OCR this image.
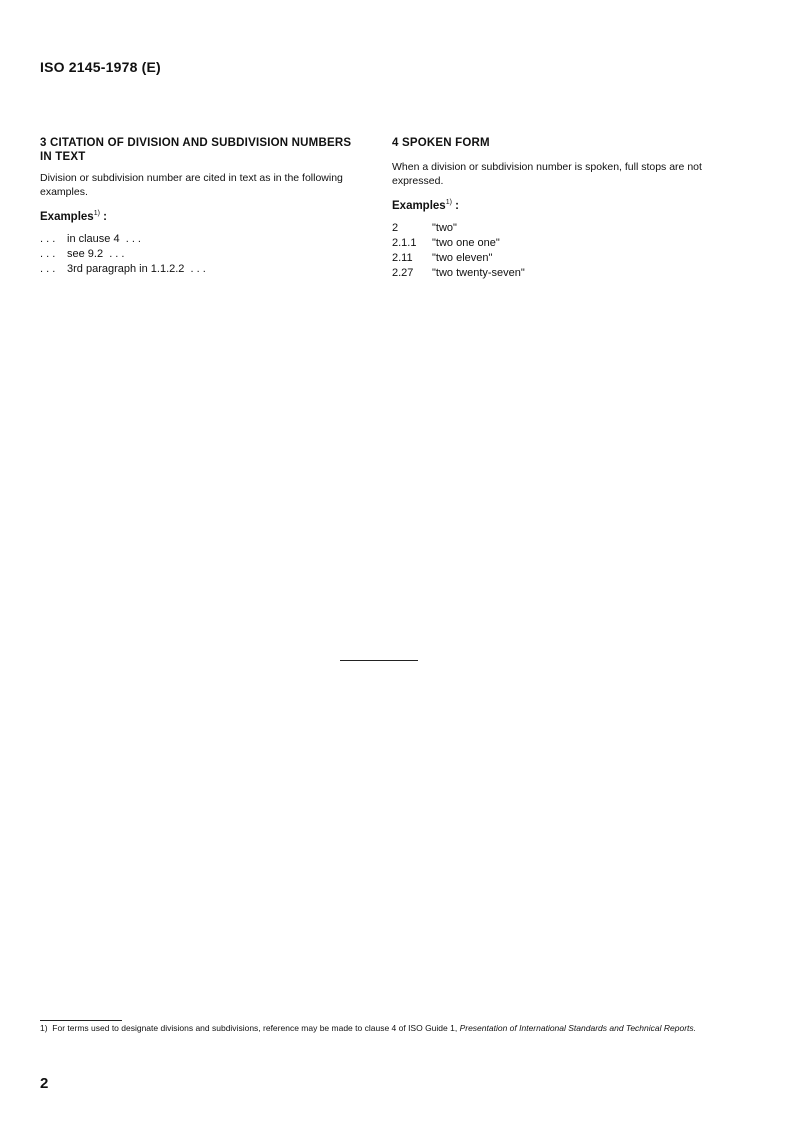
ISO 2145-1978 (E)
3 CITATION OF DIVISION AND SUBDIVISION NUMBERS IN TEXT
Division or subdivision number are cited in text as in the following examples.
Examples$^{1)}$ :
. . . in clause 4  . . .
. . . see 9.2  . . .
. . . 3rd paragraph in 1.1.2.2  . . .
4 SPOKEN FORM
When a division or subdivision number is spoken, full stops are not expressed.
Examples$^{1)}$ :
2	"two"
2.1.1 "two one one"
2.11 "two eleven"
2.27 "two twenty-seven"
1) For terms used to designate divisions and subdivisions, reference may be made to clause 4 of ISO Guide 1, Presentation of International Standards and Technical Reports.
2
